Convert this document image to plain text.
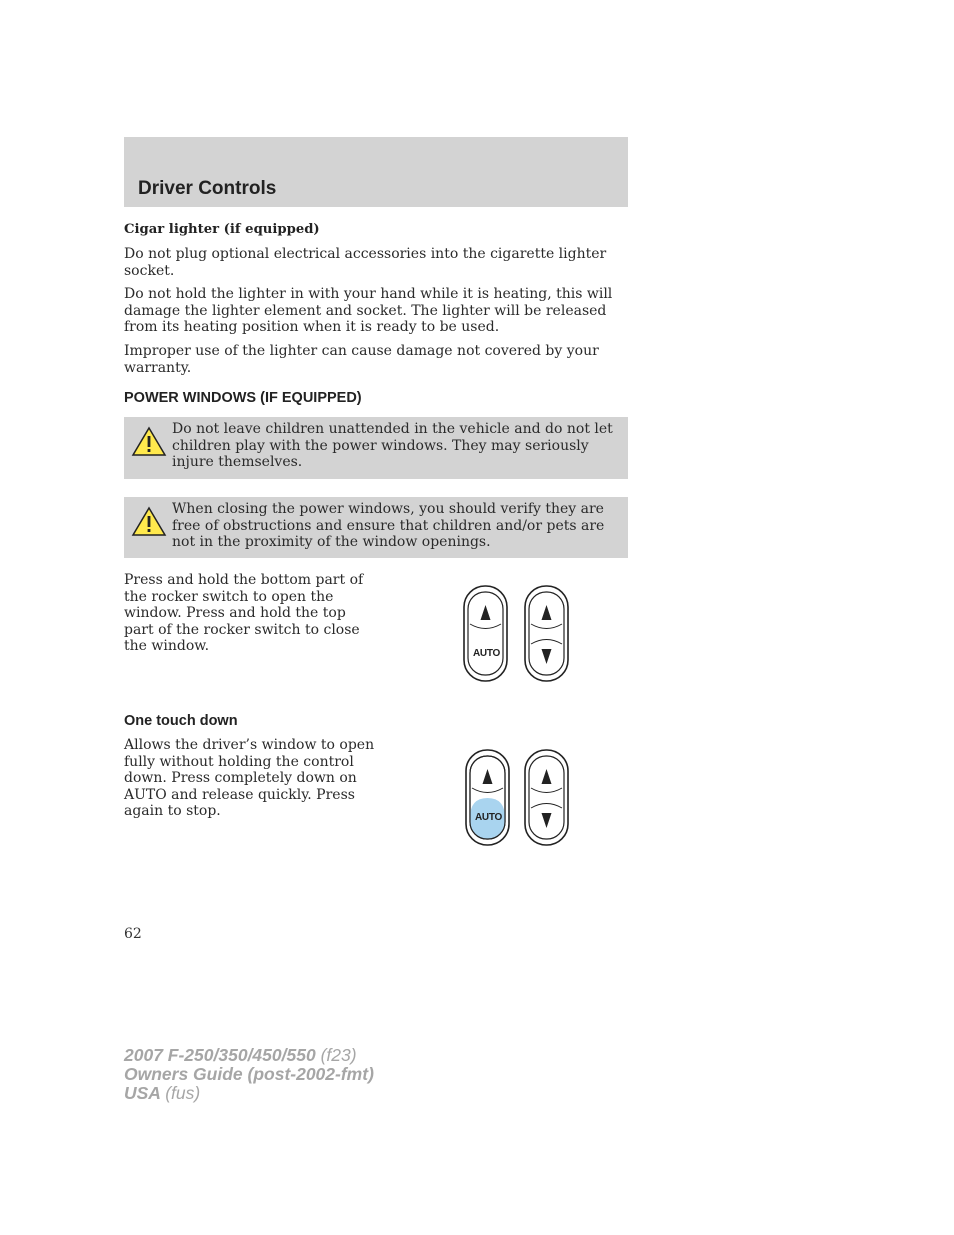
Driver Controls
Cigar lighter (if equipped)

Do not plug optional electrical accessories into the cigarette lighter socket.

Do not hold the lighter in with your hand while it is heating, this will damage the lighter element and socket. The lighter will be released from its heating position when it is ready to be used.

Improper use of the lighter can cause damage not covered by your warranty.

POWER WINDOWS (IF EQUIPPED)

Do not leave children unattended in the vehicle and do not let children play with the power windows. They may seriously injure themselves.

When closing the power windows, you should verify they are free of obstructions and ensure that children and/or pets are not in the proximity of the window openings.

Press and hold the bottom part of the rocker switch to open the window. Press and hold the top part of the rocker switch to close the window.	AUTO
One touch down

Allows the driver’s window to open fully without holding the control down. Press completely down on AUTO and release quickly. Press again to stop.	AUTO
62
2007 F-250/350/450/550 (f23)
Owners Guide (post-2002-fmt)
USA (fus)
